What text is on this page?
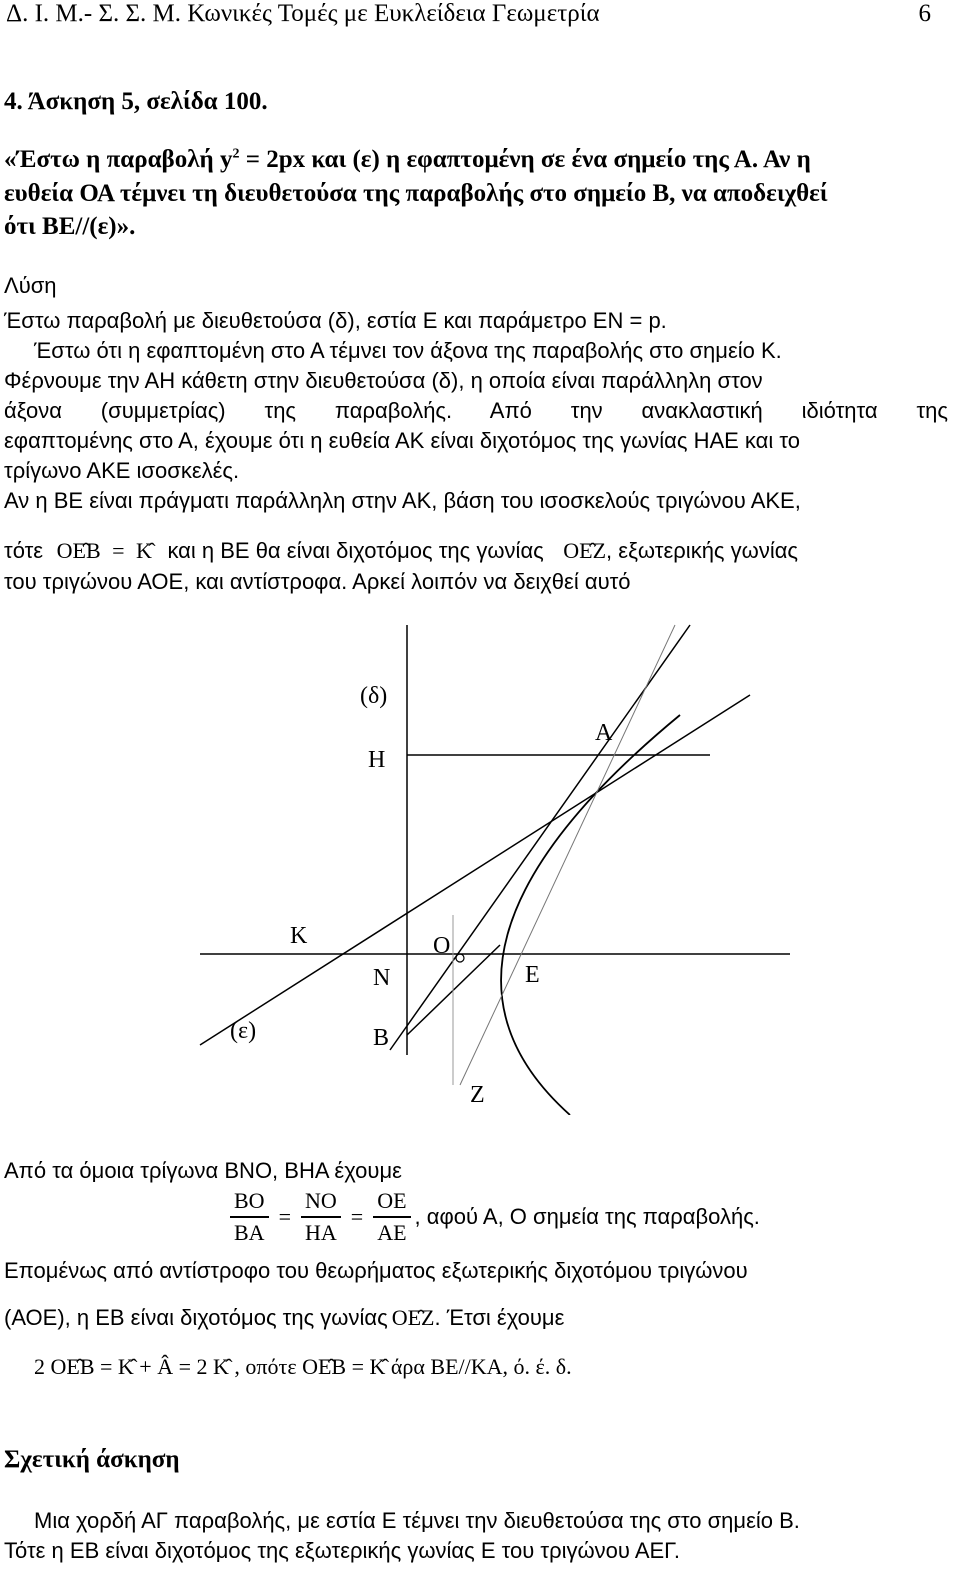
Δ. Ι. Μ.- Σ. Σ. Μ. Κωνικές Τομές με Ευκλείδεια Γεωμετρία	6
4. Άσκηση 5, σελίδα 100.
«Έστω η παραβολή $y^2 = 2px$ και (ε) η εφαπτομένη σε ένα σημείο της Α. Αν η
ευθεία ΟΑ τέμνει τη διευθετούσα της παραβολής στο σημείο Β, να αποδειχθεί
ότι ΒΕ//(ε)».
Λύση
Έστω παραβολή με διευθετούσα (δ), εστία Ε και παράμετρο ΕΝ = p.
Έστω ότι η εφαπτομένη στο Α τέμνει τον άξονα της παραβολής στο σημείο Κ.
Φέρνουμε την ΑΗ κάθετη στην διευθετούσα (δ), η οποία είναι παράλληλη στον
άξονα (συμμετρίας) της παραβολής. Από την ανακλαστική ιδιότητα της
εφαπτομένης στο Α, έχουμε ότι η ευθεία ΑΚ είναι διχοτόμος της γωνίας ΗΑΕ και το
τρίγωνο ΑΚΕ ισοσκελές.
Αν η ΒΕ είναι πράγματι παράλληλη στην ΑΚ, βάση του ισοσκελούς τριγώνου ΑΚΕ,
τότε ΟΕ̂Β = Κ̂ και η ΒΕ θα είναι διχοτόμος της γωνίας ΟΕ̂Ζ, εξωτερικής γωνίας
του τριγώνου ΑΟΕ, και αντίστροφα. Αρκεί λοιπόν να δειχθεί αυτό
(δ)
Η
Α
Κ	Ο
Ν	Ε
(ε)	Β
Ζ
Από τα όμοια τρίγωνα ΒΝΟ, ΒΗΑ έχουμε
$\frac{BO}{BA} = \frac{NO}{HA} = \frac{OE}{AE}$ , αφού Α, Ο σημεία της παραβολής.
Επομένως από αντίστροφο του θεωρήματος εξωτερικής διχοτόμου τριγώνου
(ΑΟΕ), η ΕΒ είναι διχοτόμος της γωνίας ΟΕ̂Ζ. Έτσι έχουμε
2 ΟΕ̂Β = Κ̂ + Â = 2 Κ̂ , οπότε ΟΕ̂Β = Κ̂ άρα ΒΕ//ΚΑ, ό. έ. δ.
Σχετική άσκηση
Μια χορδή ΑΓ παραβολής, με εστία Ε τέμνει την διευθετούσα της στο σημείο Β.
Τότε η ΕΒ είναι διχοτόμος της εξωτερικής γωνίας Ε του τριγώνου ΑΕΓ.
